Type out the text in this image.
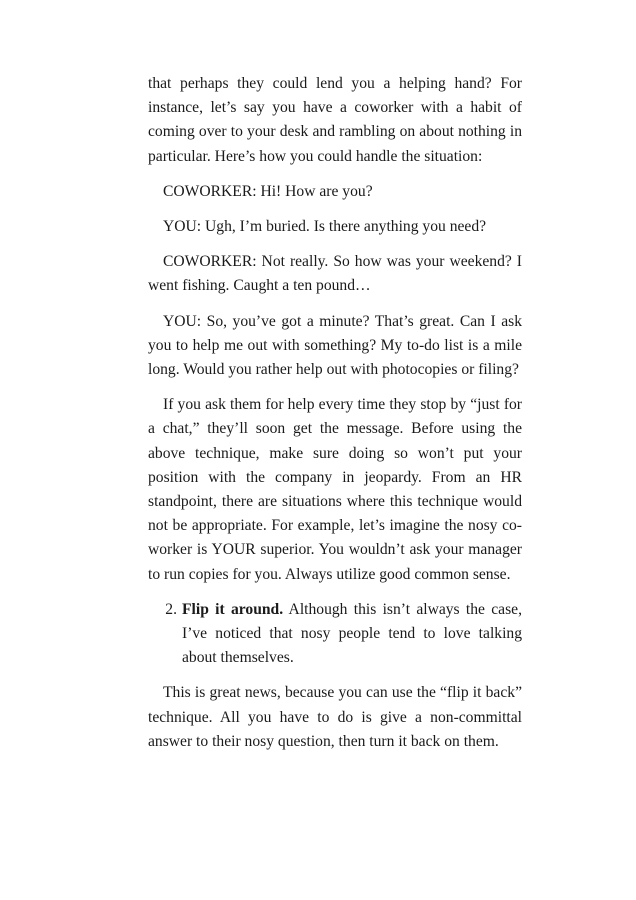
that perhaps they could lend you a helping hand? For instance, let’s say you have a coworker with a habit of coming over to your desk and rambling on about nothing in particular. Here’s how you could handle the situation:

COWORKER: Hi! How are you?

YOU: Ugh, I’m buried. Is there anything you need?

COWORKER: Not really. So how was your weekend? I went fishing. Caught a ten pound…

YOU: So, you’ve got a minute? That’s great. Can I ask you to help me out with something? My to-do list is a mile long. Would you rather help out with photocopies or filing?

If you ask them for help every time they stop by “just for a chat,” they’ll soon get the message. Before using the above technique, make sure doing so won’t put your position with the company in jeopardy. From an HR standpoint, there are situations where this technique would not be appropriate. For example, let’s imagine the nosy co-worker is YOUR superior. You wouldn’t ask your manager to run copies for you. Always utilize good common sense.

2. Flip it around. Although this isn’t always the case, I’ve noticed that nosy people tend to love talking about themselves.

This is great news, because you can use the “flip it back” technique. All you have to do is give a non-committal answer to their nosy question, then turn it back on them.
